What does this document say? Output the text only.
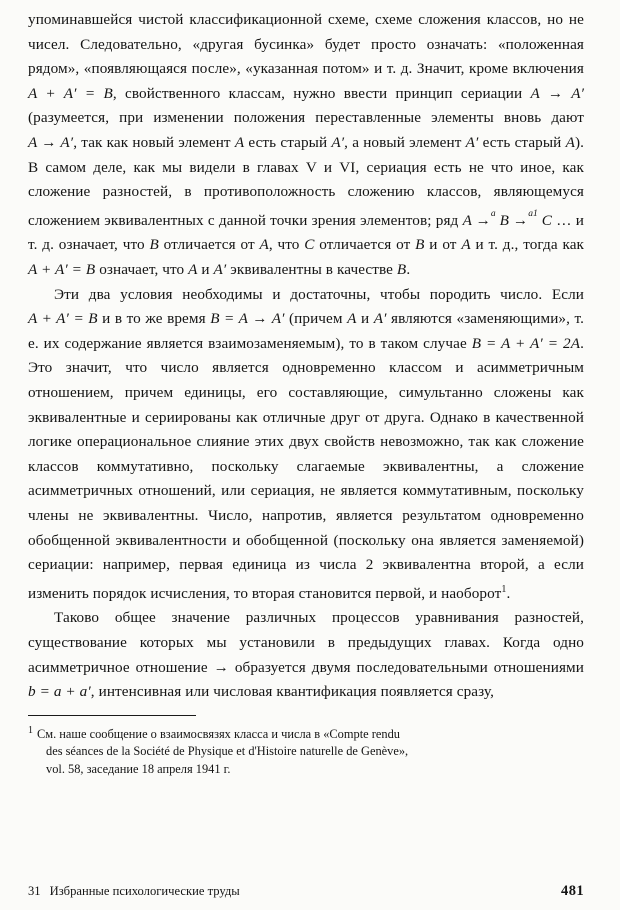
упоминавшейся чистой классификационной схеме, схеме сложения классов, но не чисел. Следовательно, «другая бусинка» будет просто означать: «положенная рядом», «появляющаяся после», «указанная потом» и т. д. Значит, кроме включения A + A′ = B, свойственного классам, нужно ввести принцип сериации A → A′ (разумеется, при изменении положения переставленные элементы вновь дают A → A′, так как новый элемент A есть старый A′, а новый элемент A′ есть старый A). В самом деле, как мы видели в главах V и VI, сериация есть не что иное, как сложение разностей, в противоположность сложению классов, являющемуся сложением эквивалентных с данной точки зрения элементов; ряд A →$^a$ B →$^{a1}$ C … и т. д. означает, что B отличается от A, что C отличается от B и от A и т. д., тогда как A + A′ = B означает, что A и A′ эквивалентны в качестве B.

Эти два условия необходимы и достаточны, чтобы породить число. Если A + A′ = B и в то же время B = A → A′ (причем A и A′ являются «заменяющими», т. е. их содержание является взаимозаменяемым), то в таком случае B = A + A′ = 2A. Это значит, что число является одновременно классом и асимметричным отношением, причем единицы, его составляющие, симультанно сложены как эквивалентные и сериированы как отличные друг от друга. Однако в качественной логике операциональное слияние этих двух свойств невозможно, так как сложение классов коммутативно, поскольку слагаемые эквивалентны, а сложение асимметричных отношений, или сериация, не является коммутативным, поскольку члены не эквивалентны. Число, напротив, является результатом одновременно обобщенной эквивалентности и обобщенной (поскольку она является заменяемой) сериации: например, первая единица из числа 2 эквивалентна второй, а если изменить порядок исчисления, то вторая становится первой, и наоборот$^1$.

Таково общее значение различных процессов уравнивания разностей, существование которых мы установили в предыдущих главах. Когда одно асимметричное отношение → образуется двумя последовательными отношениями b = a + a′, интенсивная или числовая квантификация появляется сразу,

$^1$ См. наше сообщение о взаимосвязях класса и числа в «Compte rendu
des séances de la Société de Physique et d'Histoire naturelle de Genève»,
vol. 58, заседание 18 апреля 1941 г.
31 Избранные психологические труды	481
